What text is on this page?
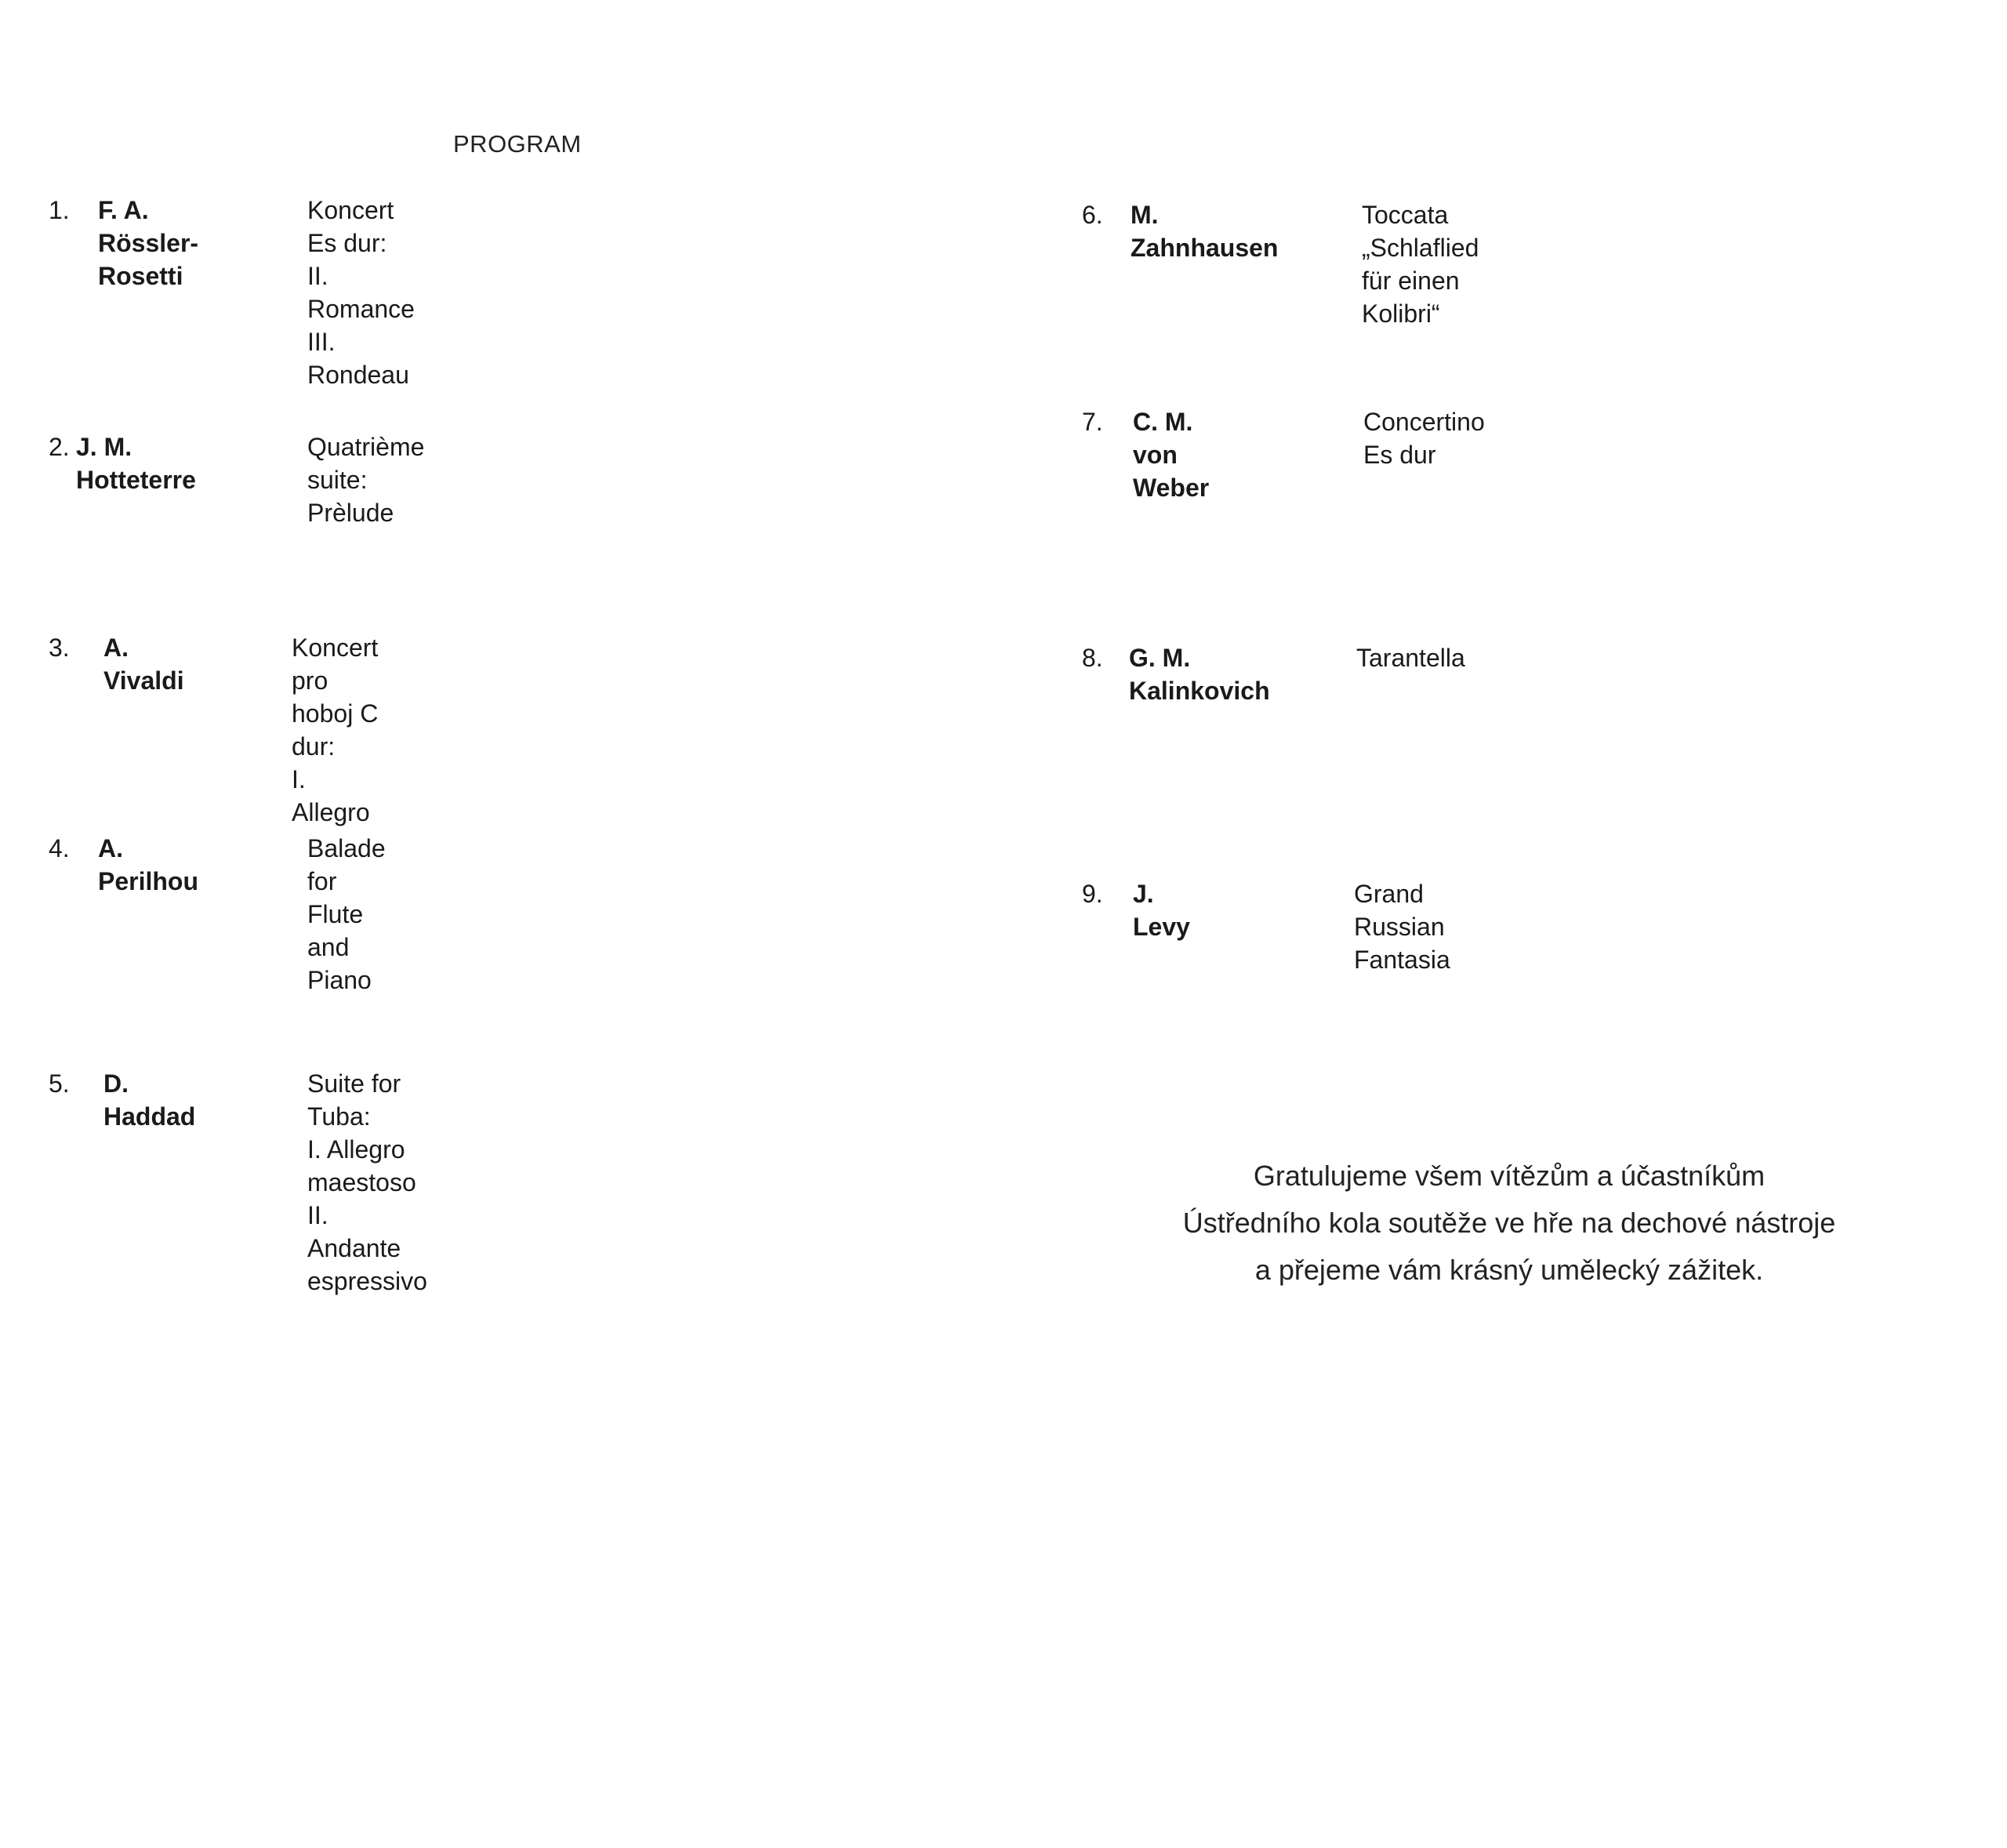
PROGRAM
1. F. A. Rössler-
Rosetti
Koncert Es dur:
II. Romance
III. Rondeau

2. J. M. Hotteterre
Quatrième
suite: Prèlude

3. A. Vivaldi
Koncert pro hoboj C dur:
I. Allegro

4. A. Perilhou
Balade for Flute
and Piano

5. D. Haddad
Suite for Tuba:
I. Allegro maestoso
II. Andante espressivo

6. M. Zahnhausen
Toccata
„Schlaflied für einen Kolibri“

7. C. M. von Weber
Concertino Es dur

8. G. M. Kalinkovich
Tarantella

9. J. Levy
Grand Russian Fantasia

Gratulujeme všem vítězům a účastníkům
Ústředního kola soutěže ve hře na dechové nástroje
a přejeme vám krásný umělecký zážitek.
